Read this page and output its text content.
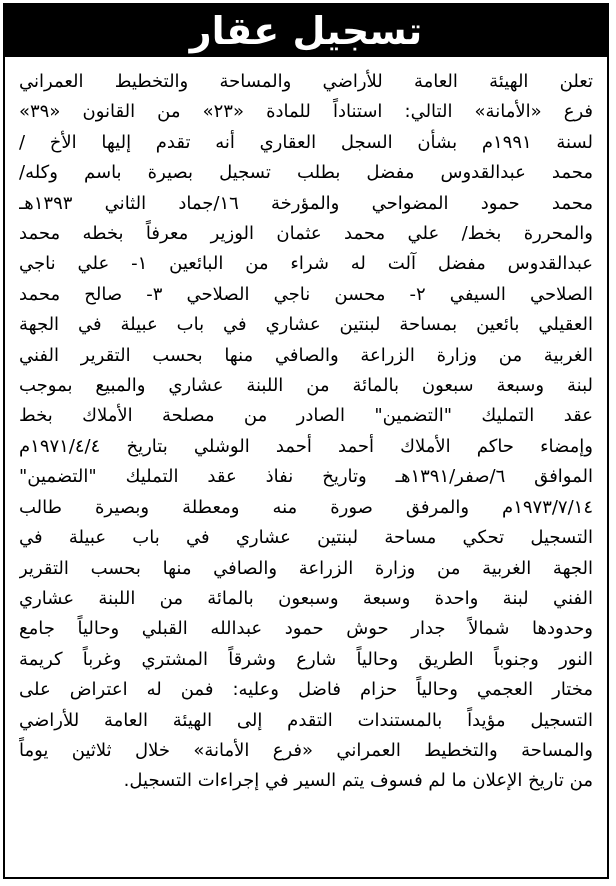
تسجيل عقار
تعلن الهيئة العامة للأراضي والمساحة والتخطيط العمراني
فرع «الأمانة» التالي: استناداً للمادة «٢٣» من القانون «٣٩»
لسنة ١٩٩١م بشأن السجل العقاري أنه تقدم إليها الأخ /
محمد عبدالقدوس مفضل بطلب تسجيل بصيرة باسم وكله/
محمد حمود المضواحي والمؤرخة ١٦/جماد الثاني ١٣٩٣هـ
والمحررة بخط/ علي محمد عثمان الوزير معرفاً بخطه محمد
عبدالقدوس مفضل آلت له شراء من البائعين ١- علي ناجي
الصلاحي السيفي ٢- محسن ناجي الصلاحي ٣- صالح محمد
العقيلي بائعين بمساحة لبنتين عشاري في باب عبيلة في الجهة
الغربية من وزارة الزراعة والصافي منها بحسب التقرير الفني
لبنة وسبعة سبعون بالمائة من اللبنة عشاري والمبيع بموجب
عقد التمليك "التضمين" الصادر من مصلحة الأملاك بخط
وإمضاء حاكم الأملاك أحمد أحمد الوشلي بتاريخ ١٩٧١/٤/٤م
الموافق ٦/صفر/١٣٩١هـ وتاريخ نفاذ عقد التمليك "التضمين"
١٩٧٣/٧/١٤م والمرفق صورة منه ومعطلة وبصيرة طالب
التسجيل تحكي مساحة لبنتين عشاري في باب عبيلة في
الجهة الغربية من وزارة الزراعة والصافي منها بحسب التقرير
الفني لبنة واحدة وسبعة وسبعون بالمائة من اللبنة عشاري
وحدودها شمالاً جدار حوش حمود عبدالله القبلي وحالياً جامع
النور وجنوباً الطريق وحالياً شارع وشرقاً المشتري وغرباً كريمة
مختار العجمي وحالياً حزام فاضل وعليه: فمن له اعتراض على
التسجيل مؤيداً بالمستندات التقدم إلى الهيئة العامة للأراضي
والمساحة والتخطيط العمراني «فرع الأمانة» خلال ثلاثين يوماً
من تاريخ الإعلان ما لم فسوف يتم السير في إجراءات التسجيل.
